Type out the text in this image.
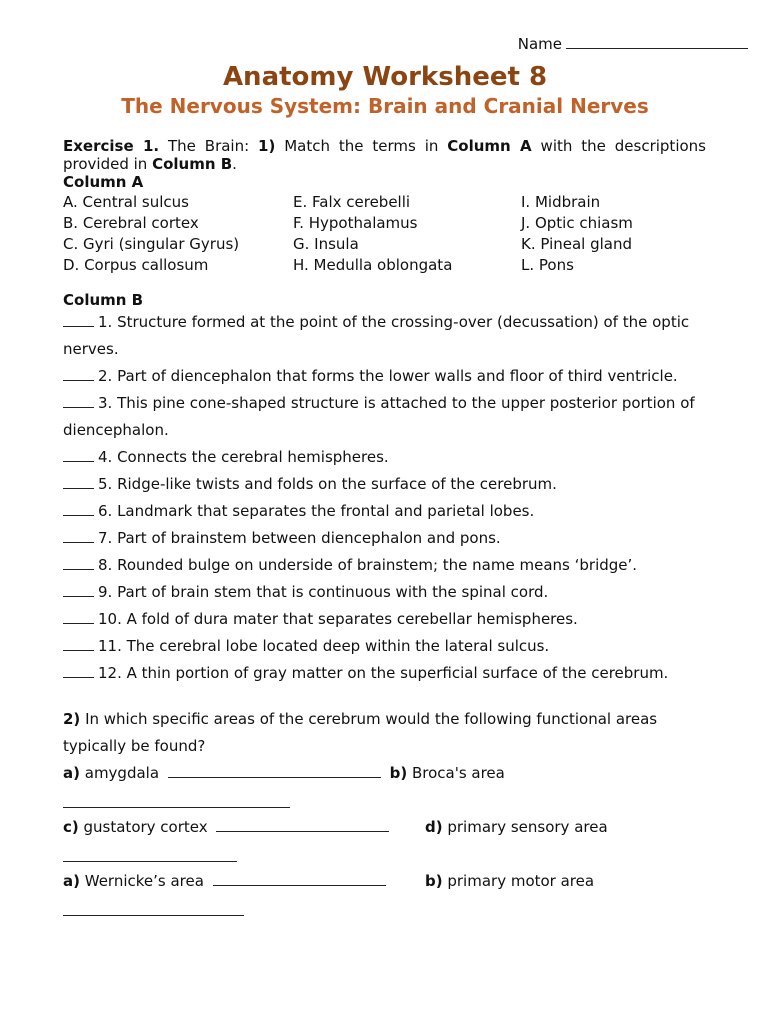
Name
Anatomy Worksheet 8
The Nervous System: Brain and Cranial Nerves

Exercise 1. The Brain: 1) Match the terms in Column A with the descriptions provided in Column B.

Column A
A. Central sulcus	E. Falx cerebelli	I. Midbrain
B. Cerebral cortex	F. Hypothalamus	J. Optic chiasm
C. Gyri (singular Gyrus)	G. Insula	K. Pineal gland
D. Corpus callosum	H. Medulla oblongata	L. Pons
Column B
1. Structure formed at the point of the crossing-over (decussation) of the optic nerves.
2. Part of diencephalon that forms the lower walls and floor of third ventricle.
3. This pine cone-shaped structure is attached to the upper posterior portion of diencephalon.
4. Connects the cerebral hemispheres.
5. Ridge-like twists and folds on the surface of the cerebrum.
6. Landmark that separates the frontal and parietal lobes.
7. Part of brainstem between diencephalon and pons.
8. Rounded bulge on underside of brainstem; the name means ‘bridge’.
9. Part of brain stem that is continuous with the spinal cord.
10. A fold of dura mater that separates cerebellar hemispheres.
11. The cerebral lobe located deep within the lateral sulcus.
12. A thin portion of gray matter on the superficial surface of the cerebrum.
2) In which specific areas of the cerebrum would the following functional areas typically be found?
a) amygdala	b) Broca's area
c) gustatory cortex	d) primary sensory area
a) Wernicke’s area	b) primary motor area
